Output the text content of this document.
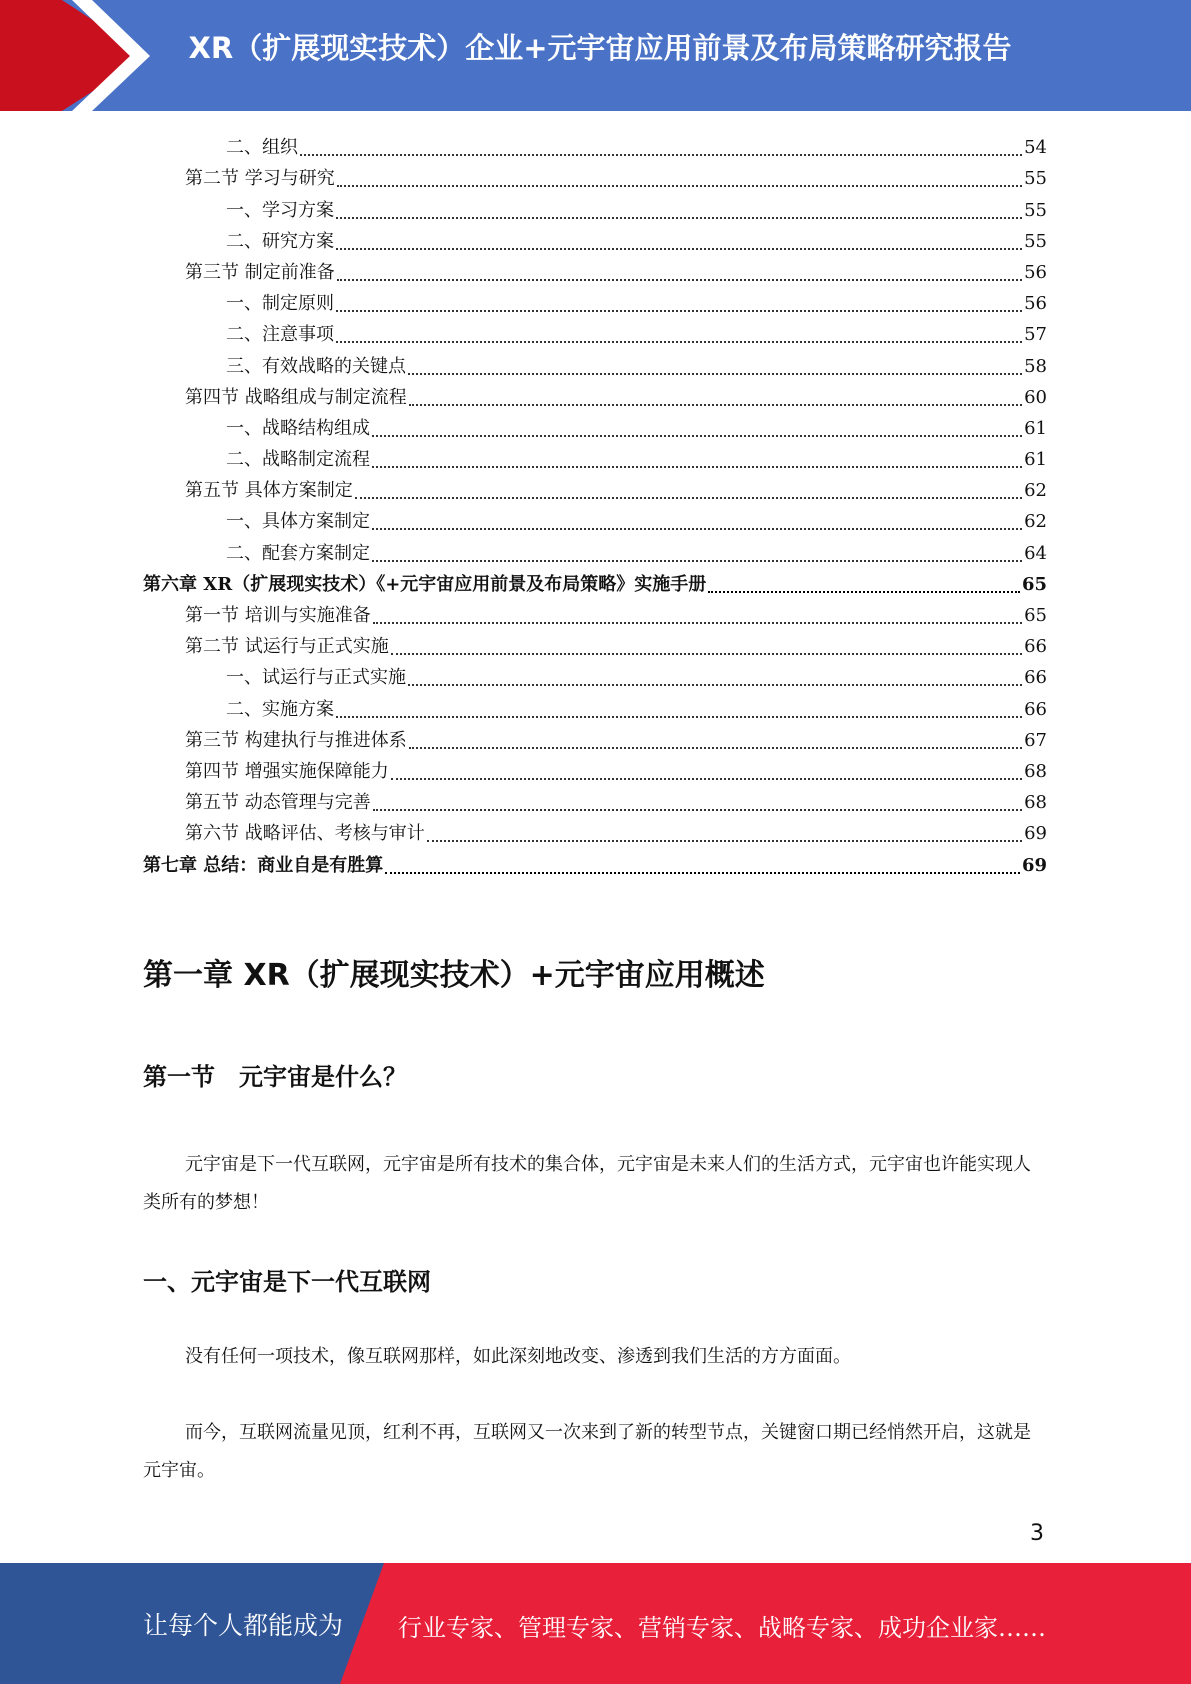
XR（扩展现实技术）企业+元宇宙应用前景及布局策略研究报告
二、组织	54
第二节 学习与研究	55
一、学习方案	55
二、研究方案	55
第三节 制定前准备	56
一、制定原则	56
二、注意事项	57
三、有效战略的关键点	58
第四节 战略组成与制定流程	60
一、战略结构组成	61
二、战略制定流程	61
第五节 具体方案制定	62
一、具体方案制定	62
二、配套方案制定	64
第六章 XR（扩展现实技术）《+元宇宙应用前景及布局策略》实施手册	65
第一节 培训与实施准备	65
第二节 试运行与正式实施	66
一、试运行与正式实施	66
二、实施方案	66
第三节 构建执行与推进体系	67
第四节 增强实施保障能力	68
第五节 动态管理与完善	68
第六节 战略评估、考核与审计	69
第七章 总结：商业自是有胜算	69
第一章 XR（扩展现实技术）+元宇宙应用概述
第一节　元宇宙是什么？
元宇宙是下一代互联网，元宇宙是所有技术的集合体，元宇宙是未来人们的生活方式，元宇宙也许能实现人类所有的梦想！
一、元宇宙是下一代互联网
没有任何一项技术，像互联网那样，如此深刻地改变、渗透到我们生活的方方面面。
而今，互联网流量见顶，红利不再，互联网又一次来到了新的转型节点，关键窗口期已经悄然开启，这就是元宇宙。
3
让每个人都能成为 行业专家、管理专家、营销专家、战略专家、成功企业家……
